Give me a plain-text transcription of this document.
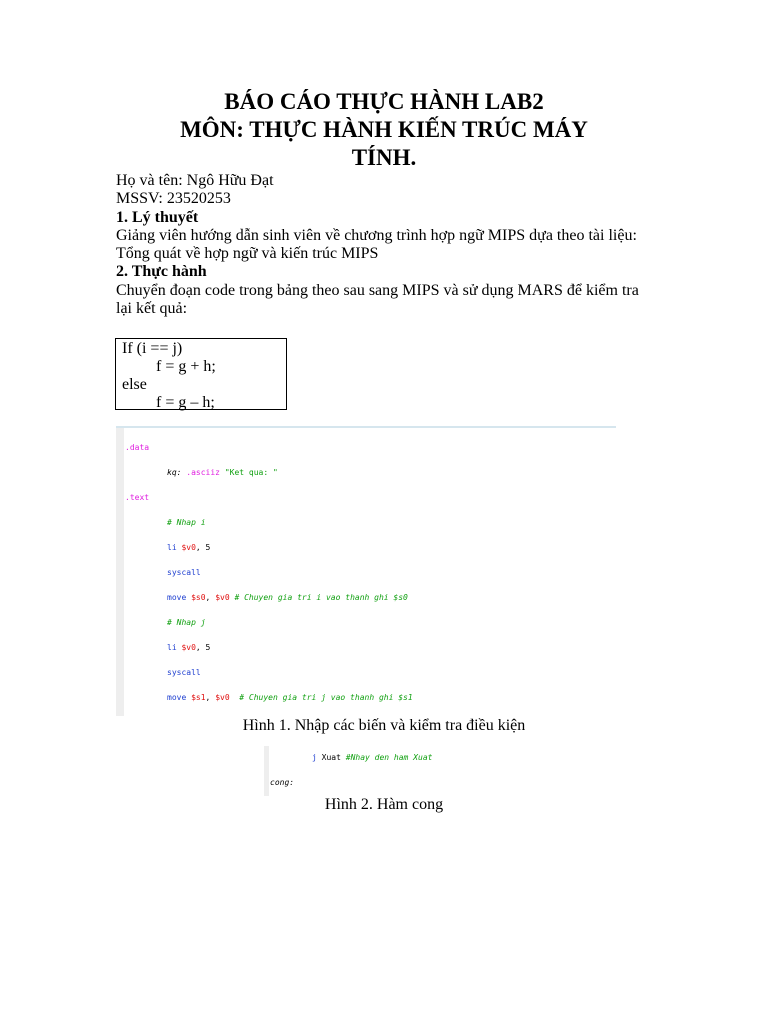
BÁO CÁO THỰC HÀNH LAB2
MÔN: THỰC HÀNH KIẾN TRÚC MÁY
TÍNH.

Họ và tên: Ngô Hữu Đạt

MSSV: 23520253

1. Lý thuyết

Giảng viên hướng dẫn sinh viên về chương trình hợp ngữ MIPS dựa theo tài liệu: Tổng quát về hợp ngữ và kiến trúc MIPS

2. Thực hành

Chuyển đoạn code trong bảng theo sau sang MIPS và sử dụng MARS để kiểm tra lại kết quả:

If (i == j)
f = g + h;
else
f = g – h;

.data

kq: .asciiz "Ket qua: "

.text

# Nhap i

li $v0, 5

syscall

move $s0, $v0 # Chuyen gia tri i vao thanh ghi $s0

# Nhap j

li $v0, 5

syscall

move $s1, $v0 # Chuyen gia tri j vao thanh ghi $s1

Hình 1. Nhập các biến và kiểm tra điều kiện

j Xuat #Nhay den ham Xuat

cong:

Hình 2. Hàm cong
